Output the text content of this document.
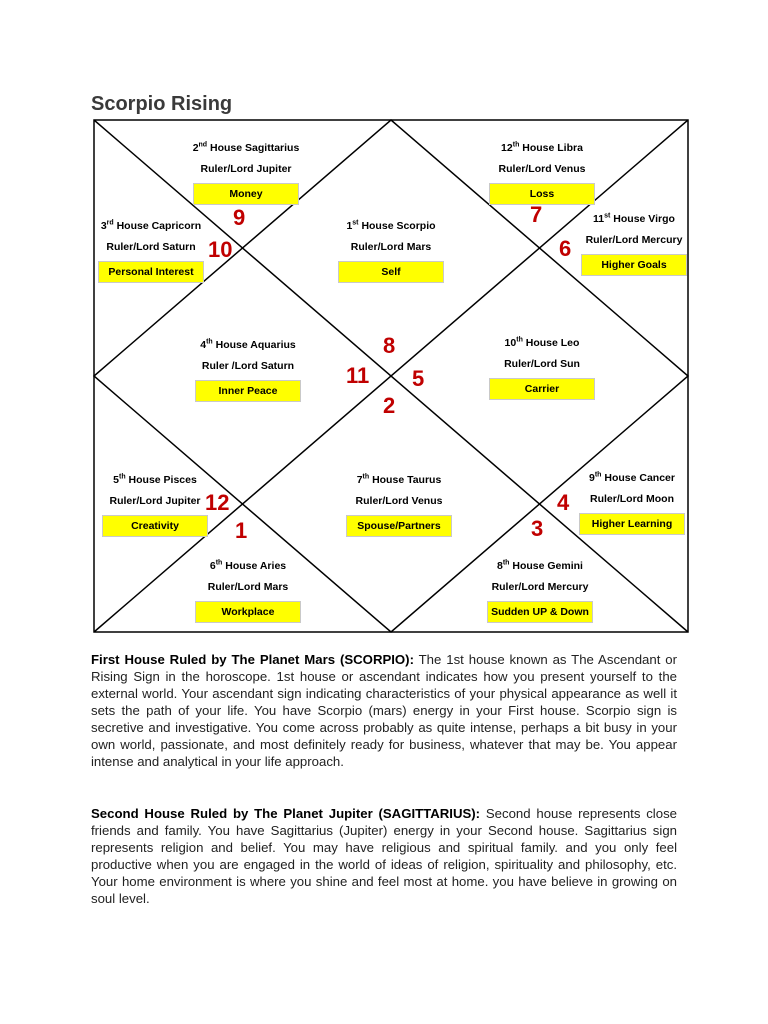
Scorpio Rising
2nd House Sagittarius
Ruler/Lord Jupiter
Money
12th House Libra
Ruler/Lord Venus
Loss
3rd House Capricorn
Ruler/Lord Saturn
Personal Interest
1st House Scorpio
Ruler/Lord Mars
Self
11st House Virgo
Ruler/Lord Mercury
Higher Goals
4th House Aquarius
Ruler /Lord Saturn
Inner Peace
10th House Leo
Ruler/Lord Sun
Carrier
5th House Pisces
Ruler/Lord Jupiter
Creativity
7th House Taurus
Ruler/Lord Venus
Spouse/Partners
9th House Cancer
Ruler/Lord Moon
Higher Learning
6th House Aries
Ruler/Lord Mars
Workplace
8th House Gemini
Ruler/Lord Mercury
Sudden UP & Down
9
10
7
6
8
11 5
2
12
1
4
3
First House Ruled by The Planet Mars (SCORPIO): The 1st house known as The Ascendant or Rising Sign in the horoscope. 1st house or ascendant indicates how you present yourself to the external world. Your ascendant sign indicating characteristics of your physical appearance as well it sets the path of your life. You have Scorpio (mars) energy in your First house. Scorpio sign is secretive and investigative. You come across probably as quite intense, perhaps a bit busy in your own world, passionate, and most definitely ready for business, whatever that may be. You appear intense and analytical in your life approach.
Second House Ruled by The Planet Jupiter (SAGITTARIUS): Second house represents close friends and family. You have Sagittarius (Jupiter) energy in your Second house. Sagittarius sign represents religion and belief. You may have religious and spiritual family. and you only feel productive when you are engaged in the world of ideas of religion, spirituality and philosophy, etc. Your home environment is where you shine and feel most at home. you have believe in growing on soul level.
